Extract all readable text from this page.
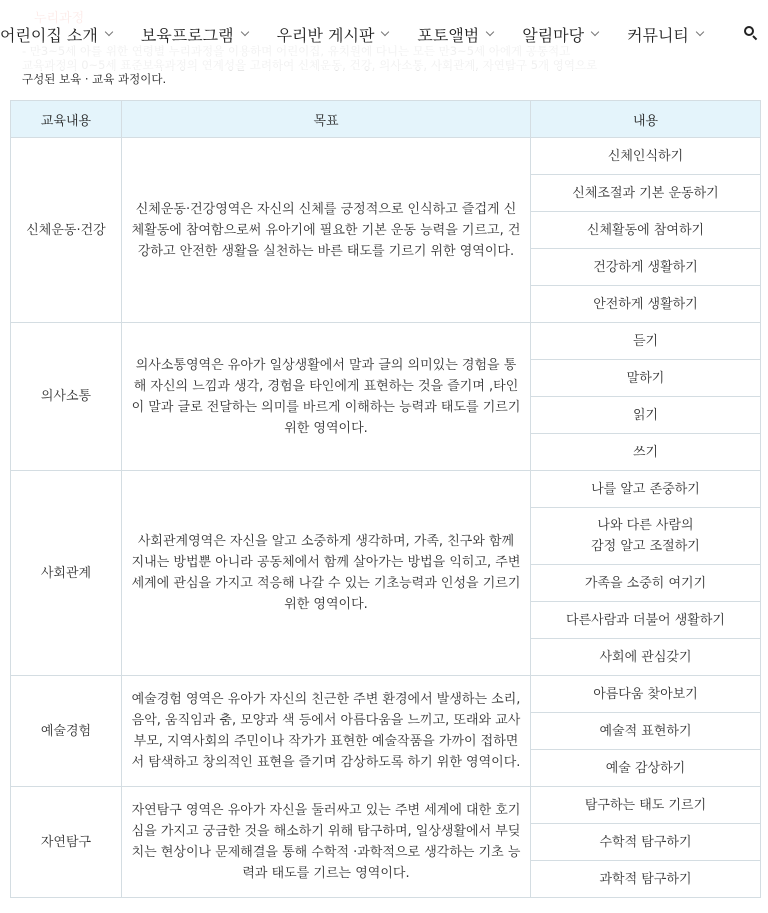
구성된 보육 · 교육 과정이다.
어린이집 소개	보육프로그램	우리반 게시판	포토앨범	알림마당	커뮤니티
교육내용	목표	내용
신체운동·건강	신체운동·건강영역은 자신의 신체를 긍정적으로 인식하고 즐겁게 신체활동에 참여함으로써 유아기에 필요한 기본 운동 능력을 기르고, 건강하고 안전한 생활을 실천하는 바른 태도를 기르기 위한 영역이다.	신체인식하기
		신체조절과 기본 운동하기
		신체활동에 참여하기
		건강하게 생활하기
		안전하게 생활하기
의사소통	의사소통영역은 유아가 일상생활에서 말과 글의 의미있는 경험을 통해 자신의 느낌과 생각, 경험을 타인에게 표현하는 것을 즐기며 ,타인이 말과 글로 전달하는 의미를 바르게 이해하는 능력과 태도를 기르기 위한 영역이다.	듣기
		말하기
		읽기
		쓰기
사회관계	사회관계영역은 자신을 알고 소중하게 생각하며, 가족, 친구와 함께 지내는 방법뿐 아니라 공동체에서 함께 살아가는 방법을 익히고, 주변세계에 관심을 가지고 적응해 나갈 수 있는 기초능력과 인성을 기르기 위한 영역이다.	나를 알고 존중하기
		나와 다른 사람의
감정 알고 조절하기
		가족을 소중히 여기기
		다른사람과 더불어 생활하기
		사회에 관심갖기
예술경험	예술경험 영역은 유아가 자신의 친근한 주변 환경에서 발생하는 소리, 음악, 움직임과 춤, 모양과 색 등에서 아름다움을 느끼고, 또래와 교사 부모, 지역사회의 주민이나 작가가 표현한 예술작품을 가까이 접하면서 탐색하고 창의적인 표현을 즐기며 감상하도록 하기 위한 영역이다.	아름다움 찾아보기
		예술적 표현하기
		예술 감상하기
자연탐구	자연탐구 영역은 유아가 자신을 둘러싸고 있는 주변 세계에 대한 호기심을 가지고 궁금한 것을 해소하기 위해 탐구하며, 일상생활에서 부딪치는 현상이나 문제해결을 통해 수학적 ·과학적으로 생각하는 기초 능력과 태도를 기르는 영역이다.	탐구하는 태도 기르기
		수학적 탐구하기
		과학적 탐구하기
